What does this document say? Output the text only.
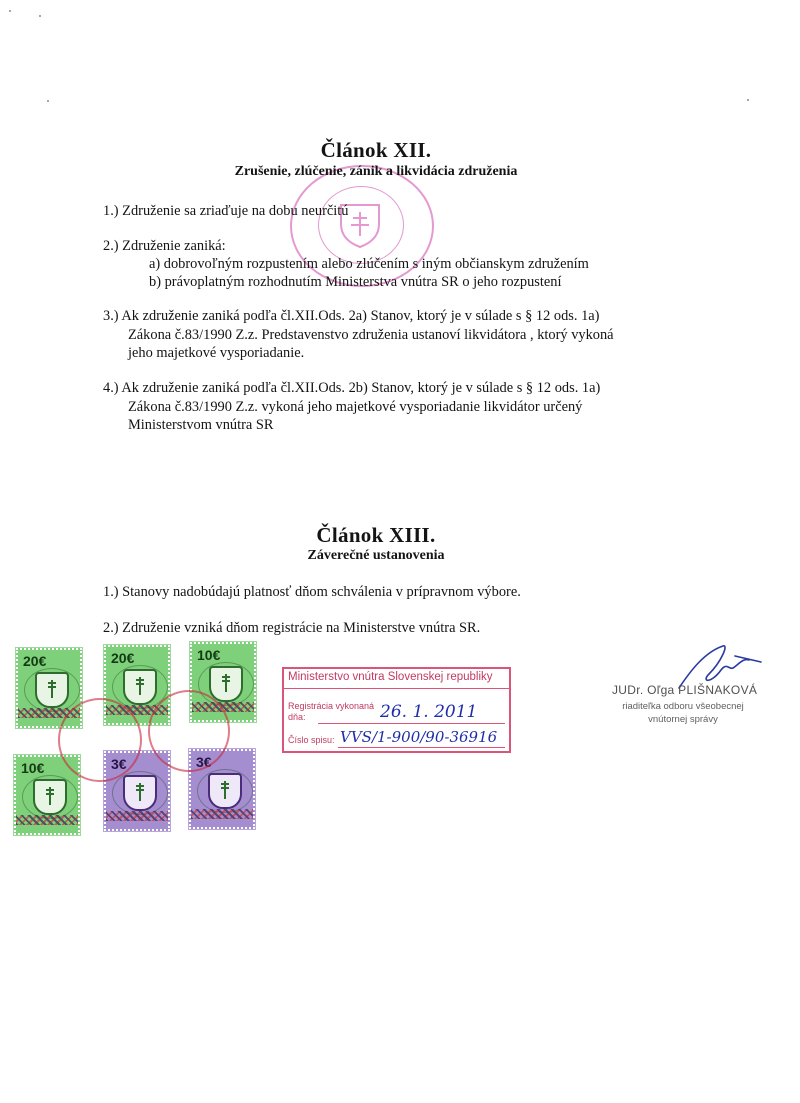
Článok XII.
Zrušenie, zlúčenie, zánik a likvidácia združenia
1.) Združenie sa zriaďuje na dobu neurčitú
2.) Združenie zaniká:
a) dobrovoľným rozpustením alebo zlúčením s iným občianskym združením
b) právoplatným rozhodnutím Ministerstva vnútra SR o jeho rozpustení
3.) Ak združenie zaniká podľa čl.XII.Ods. 2a) Stanov, ktorý je v súlade s § 12 ods. 1a)
Zákona č.83/1990 Z.z. Predstavenstvo združenia ustanoví likvidátora , ktorý vykoná
jeho majetkové vysporiadanie.
4.) Ak združenie zaniká podľa čl.XII.Ods. 2b) Stanov, ktorý je v súlade s § 12 ods. 1a)
Zákona č.83/1990 Z.z. vykoná jeho majetkové vysporiadanie likvidátor určený
Ministerstvom vnútra SR
Článok XIII.
Záverečné ustanovenia
1.) Stanovy nadobúdajú platnosť dňom schválenia v prípravnom výbore.
2.) Združenie vzniká dňom registrácie na Ministerstve vnútra SR.
20€	20€	10€
10€	3€	3€
Ministerstvo vnútra Slovenskej republiky
Registrácia vykonaná
dňa:	26. 1. 2011
Číslo spisu: VVS/1-900/90-36916
JUDr. Oľga PLIŠNAKOVÁ
riaditeľka odboru všeobecnej
vnútornej správy
